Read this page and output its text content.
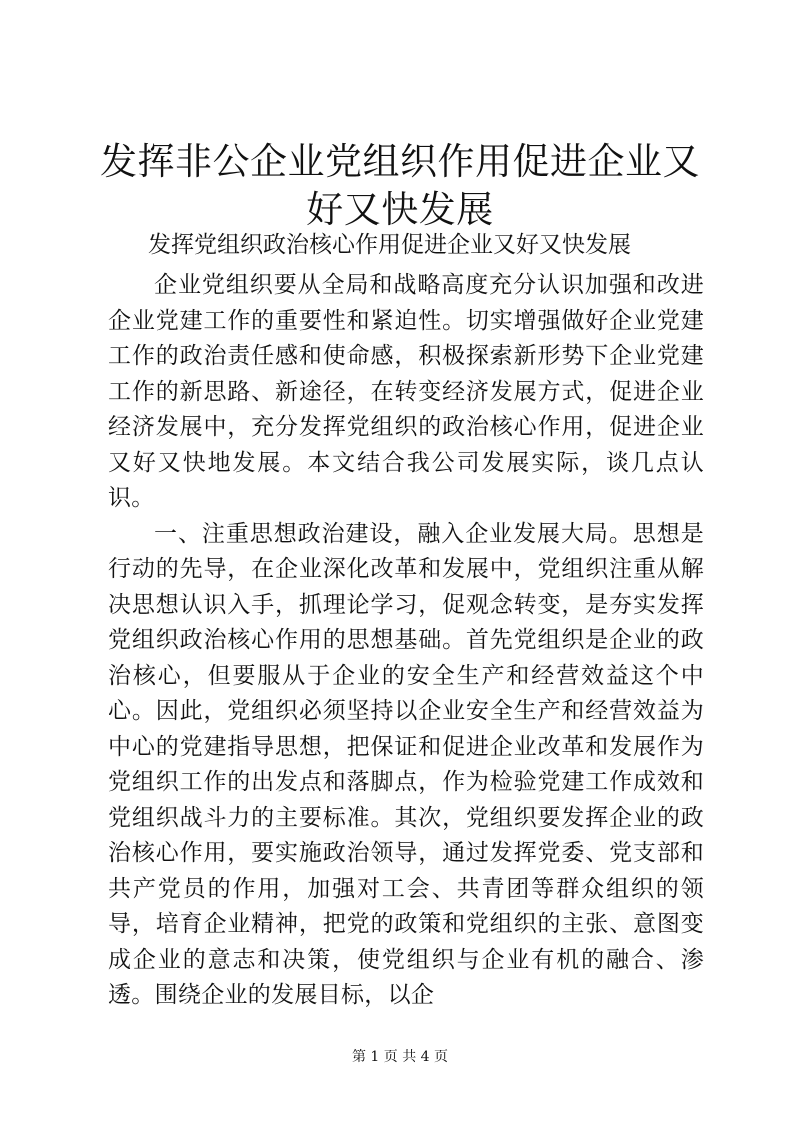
发挥非公企业党组织作用促进企业又好又快发展
发挥党组织政治核心作用促进企业又好又快发展

企业党组织要从全局和战略高度充分认识加强和改进企业党建工作的重要性和紧迫性。切实增强做好企业党建工作的政治责任感和使命感，积极探索新形势下企业党建工作的新思路、新途径，在转变经济发展方式，促进企业经济发展中，充分发挥党组织的政治核心作用，促进企业又好又快地发展。本文结合我公司发展实际，谈几点认识。

一、注重思想政治建设，融入企业发展大局。思想是行动的先导，在企业深化改革和发展中，党组织注重从解决思想认识入手，抓理论学习，促观念转变，是夯实发挥党组织政治核心作用的思想基础。首先党组织是企业的政治核心，但要服从于企业的安全生产和经营效益这个中心。因此，党组织必须坚持以企业安全生产和经营效益为中心的党建指导思想，把保证和促进企业改革和发展作为党组织工作的出发点和落脚点，作为检验党建工作成效和党组织战斗力的主要标准。其次，党组织要发挥企业的政治核心作用，要实施政治领导，通过发挥党委、党支部和共产党员的作用，加强对工会、共青团等群众组织的领导，培育企业精神，把党的政策和党组织的主张、意图变成企业的意志和决策，使党组织与企业有机的融合、渗透。围绕企业的发展目标，以企

第 1 页 共 4 页
